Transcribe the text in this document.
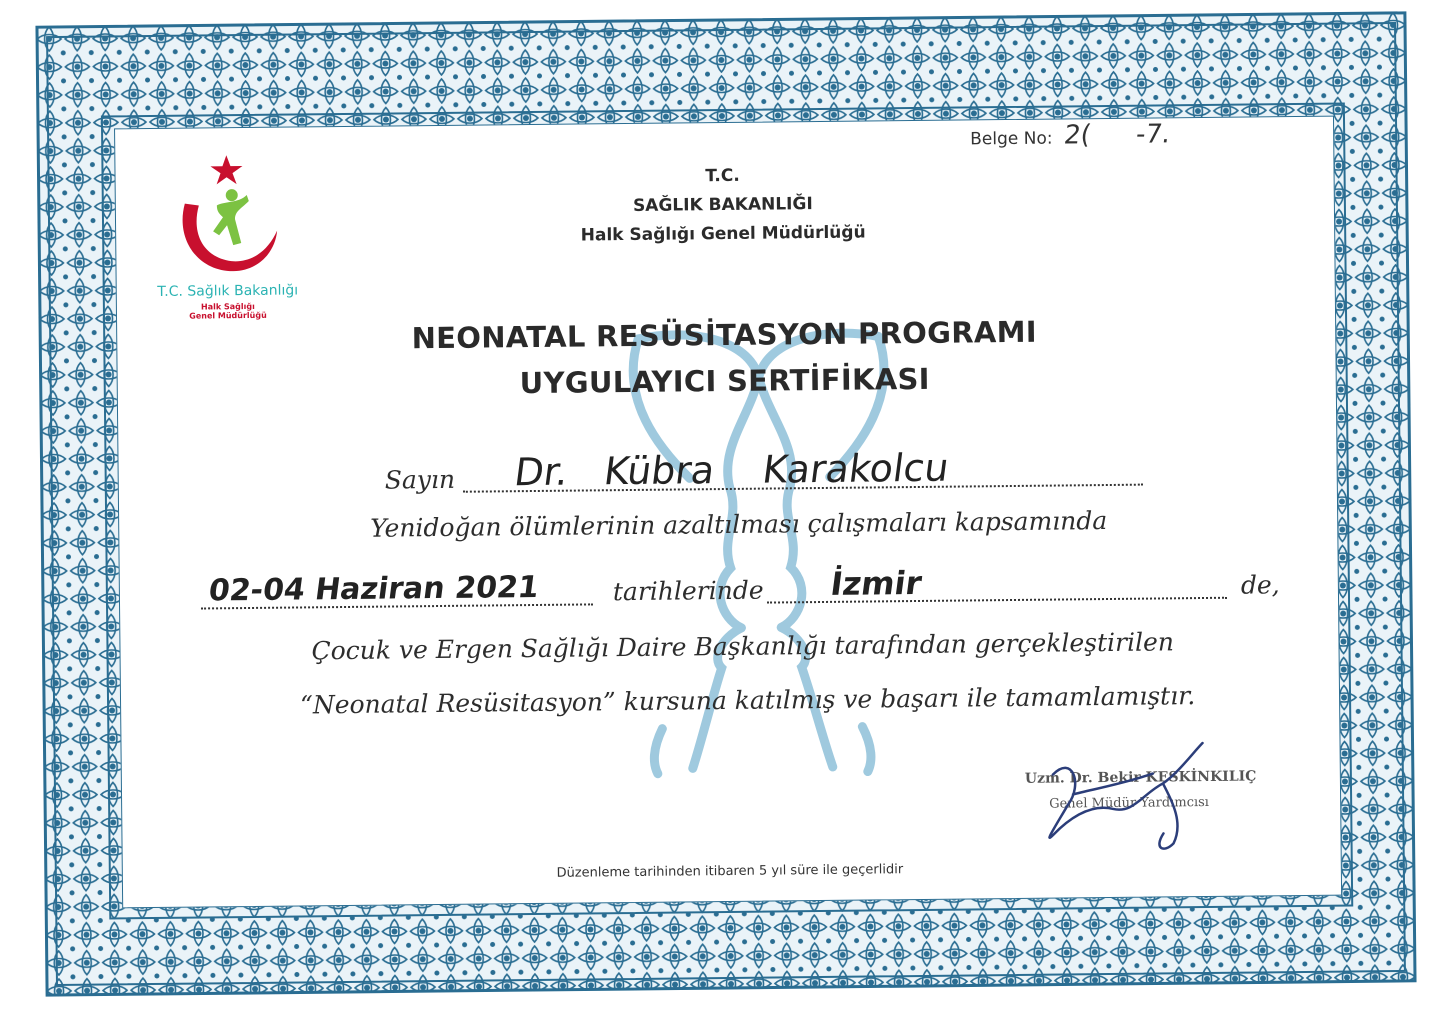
Belge No: 2( -7.
T.C. Sağlık Bakanlığı
Halk Sağlığı
Genel Müdürlüğü
T.C.
SAĞLIK BAKANLIĞI
Halk Sağlığı Genel Müdürlüğü
NEONATAL RESÜSİTASYON PROGRAMI
UYGULAYICI SERTİFİKASI
Sayın Dr.   Kübra    Karakolcu
Yenidoğan ölümlerinin azaltılması çalışmaları kapsamında
02-04 Haziran 2021	tarihlerinde İzmir	de,
Çocuk ve Ergen Sağlığı Daire Başkanlığı tarafından gerçekleştirilen
“Neonatal Resüsitasyon” kursuna katılmış ve başarı ile tamamlamıştır.
Uzm. Dr. Bekir KESKİNKILIÇ
Genel Müdür Yardımcısı
Düzenleme tarihinden itibaren 5 yıl süre ile geçerlidir
